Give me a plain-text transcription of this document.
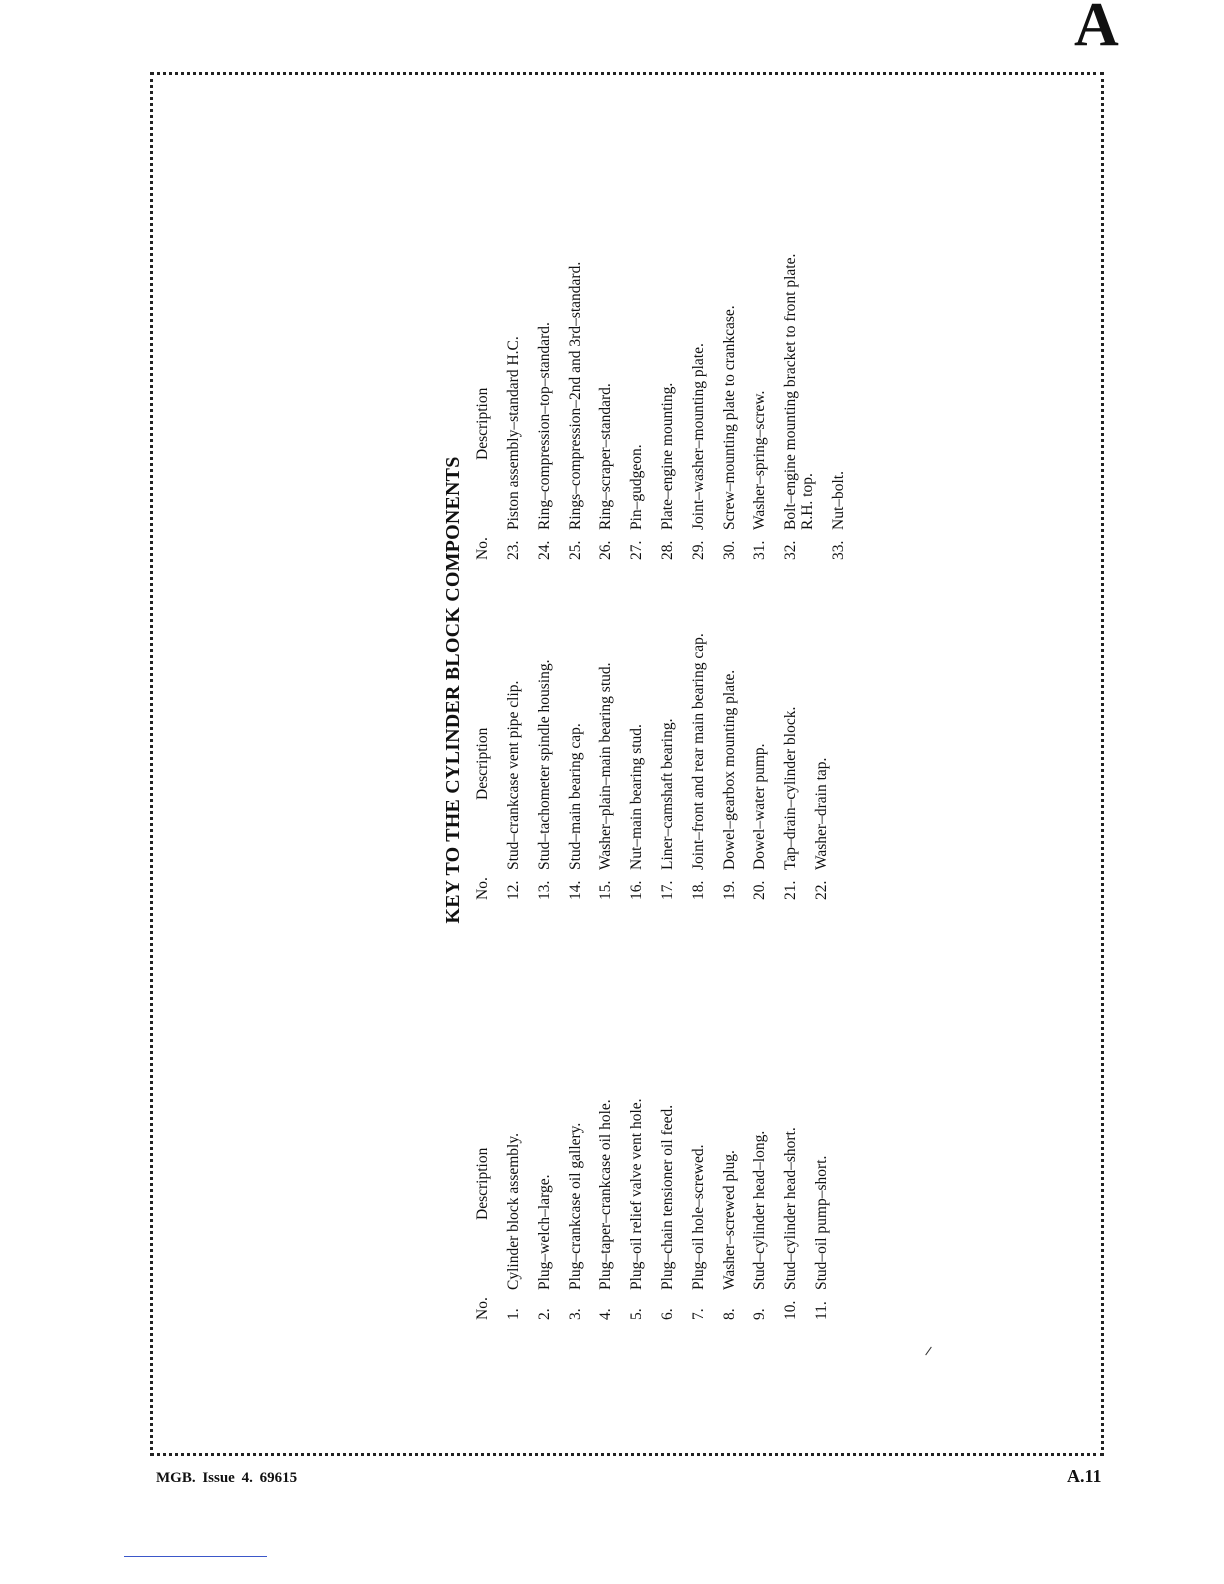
A
KEY TO THE CYLINDER BLOCK COMPONENTS
No.
Description
1.
Cylinder block assembly.
2.
Plug–welch–large.
3.
Plug–crankcase oil gallery.
4.
Plug–taper–crankcase oil hole.
5.
Plug–oil relief valve vent hole.
6.
Plug–chain tensioner oil feed.
7.
Plug–oil hole–screwed.
8.
Washer–screwed plug.
9.
Stud–cylinder head–long.
10.
Stud–cylinder head–short.
11.
Stud–oil pump–short.
No.
Description
12.
Stud–crankcase vent pipe clip.
13.
Stud–tachometer spindle housing.
14.
Stud–main bearing cap.
15.
Washer–plain–main bearing stud.
16.
Nut–main bearing stud.
17.
Liner–camshaft bearing.
18.
Joint–front and rear main bearing cap.
19.
Dowel–gearbox mounting plate.
20.
Dowel–water pump.
21.
Tap–drain–cylinder block.
22.
Washer–drain tap.
No.
Description
23.
Piston assembly–standard H.C.
24.
Ring–compression–top–standard.
25.
Rings–compression–2nd and 3rd–standard.
26.
Ring–scraper–standard.
27.
Pin–gudgeon.
28.
Plate–engine mounting.
29.
Joint–washer–mounting plate.
30.
Screw–mounting plate to crankcase.
31.
Washer–spring–screw.
32.
Bolt–engine mounting bracket to front plate. R.H. top.
33.
Nut–bolt.
MGB. Issue 4. 69615	A.11
